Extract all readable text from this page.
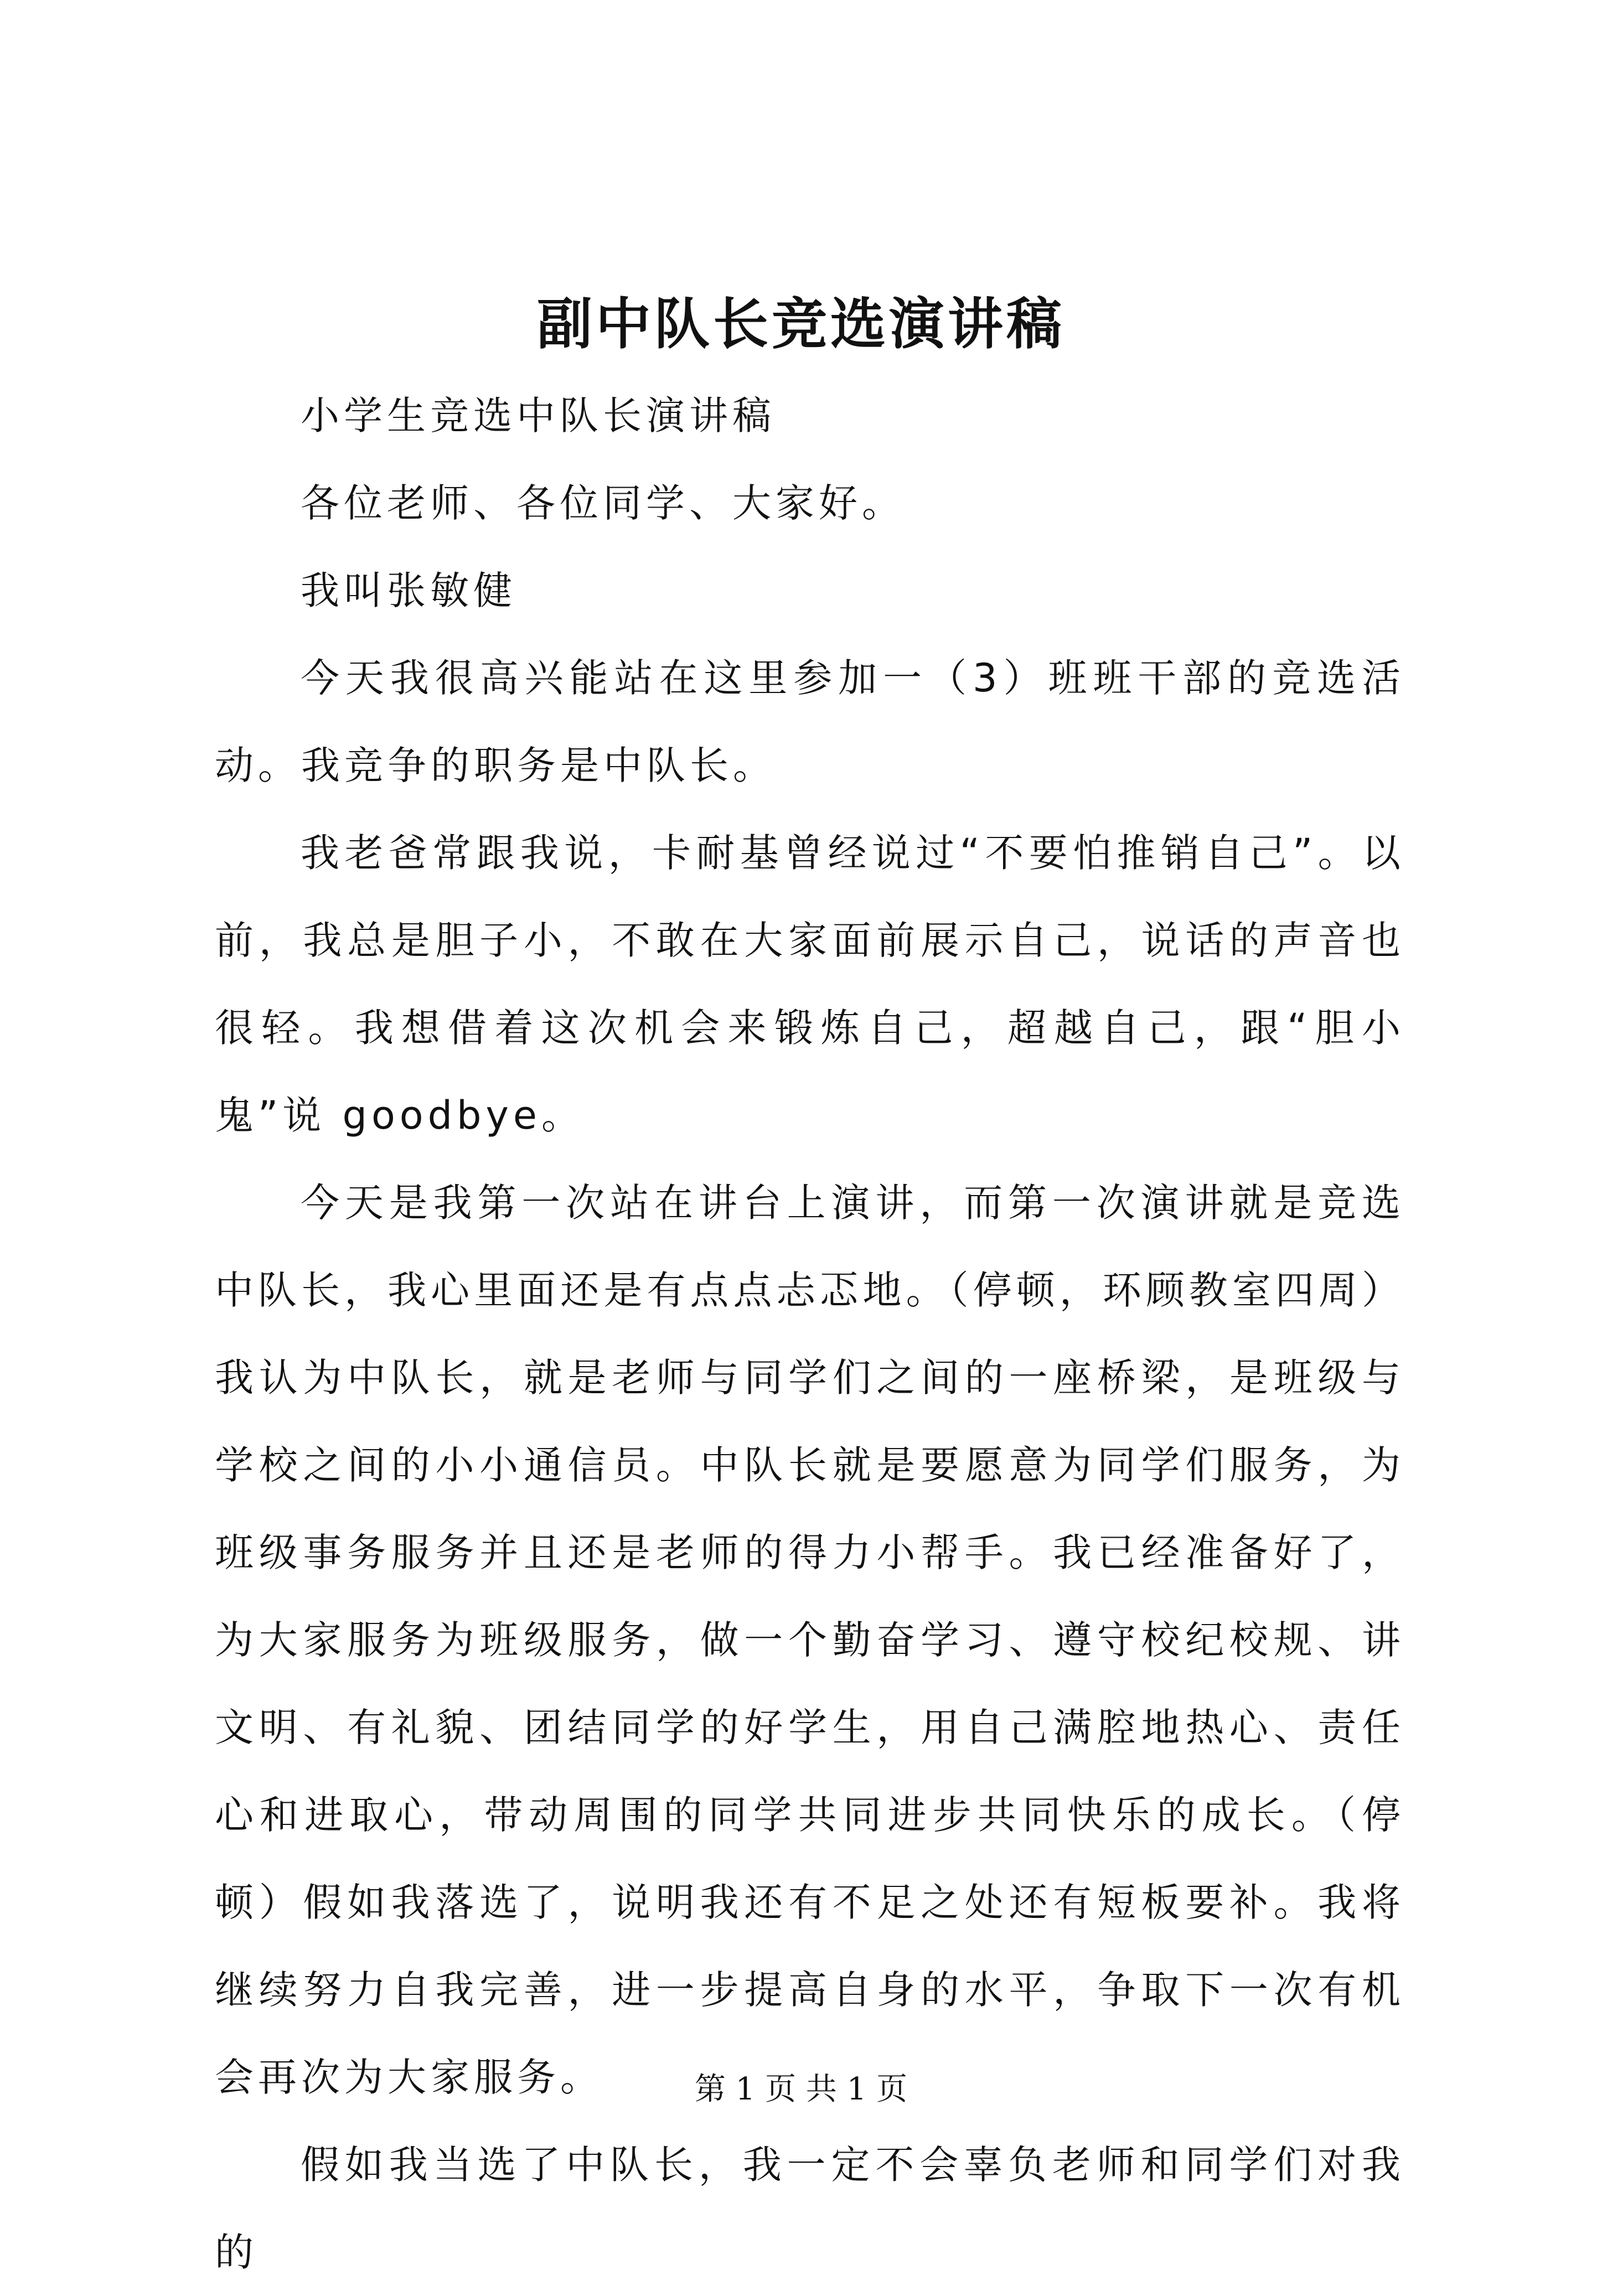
副中队长竞选演讲稿

小学生竞选中队长演讲稿

各位老师、各位同学、大家好。

我叫张敏健

今天我很高兴能站在这里参加一（3）班班干部的竞选活动。我竞争的职务是中队长。

我老爸常跟我说，卡耐基曾经说过“不要怕推销自己”。以前，我总是胆子小，不敢在大家面前展示自己，说话的声音也很轻。我想借着这次机会来锻炼自己，超越自己，跟“胆小鬼”说 goodbye。

今天是我第一次站在讲台上演讲，而第一次演讲就是竞选中队长，我心里面还是有点点忐忑地。（停顿，环顾教室四周）我认为中队长，就是老师与同学们之间的一座桥梁，是班级与学校之间的小小通信员。中队长就是要愿意为同学们服务，为班级事务服务并且还是老师的得力小帮手。我已经准备好了，为大家服务为班级服务，做一个勤奋学习、遵守校纪校规、讲文明、有礼貌、团结同学的好学生，用自己满腔地热心、责任心和进取心，带动周围的同学共同进步共同快乐的成长。（停顿）假如我落选了，说明我还有不足之处还有短板要补。我将继续努力自我完善，进一步提高自身的水平，争取下一次有机会再次为大家服务。

假如我当选了中队长，我一定不会辜负老师和同学们对我的

第 1 页 共 1 页
